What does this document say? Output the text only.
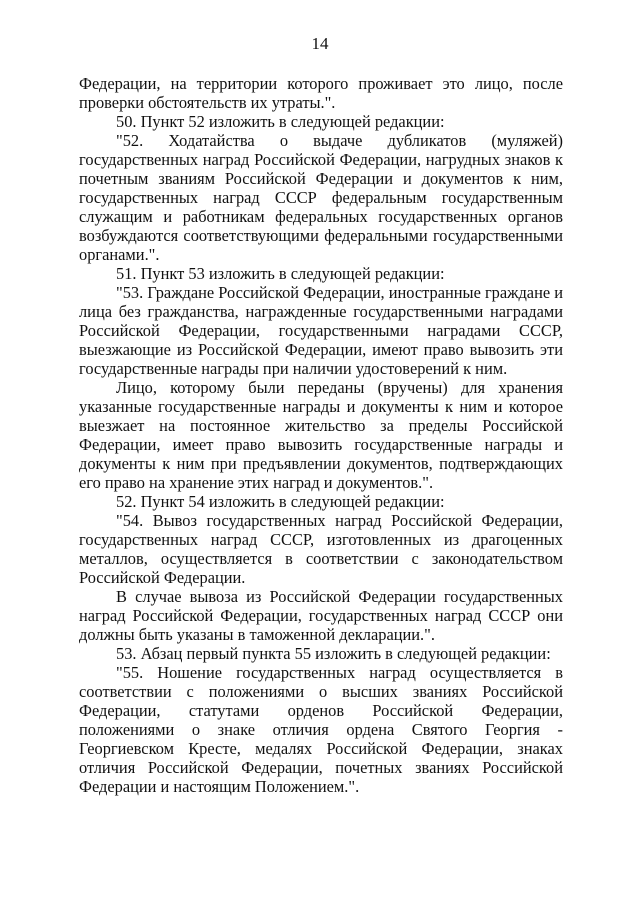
14

Федерации, на территории которого проживает это лицо, после проверки обстоятельств их утраты.".

50. Пункт 52 изложить в следующей редакции:

"52. Ходатайства о выдаче дубликатов (муляжей) государственных наград Российской Федерации, нагрудных знаков к почетным званиям Российской Федерации и документов к ним, государственных наград СССР федеральным государственным служащим и работникам федеральных государственных органов возбуждаются соответствующими федеральными государственными органами.".

51. Пункт 53 изложить в следующей редакции:

"53. Граждане Российской Федерации, иностранные граждане и лица без гражданства, награжденные государственными наградами Российской Федерации, государственными наградами СССР, выезжающие из Российской Федерации, имеют право вывозить эти государственные награды при наличии удостоверений к ним.

Лицо, которому были переданы (вручены) для хранения указанные государственные награды и документы к ним и которое выезжает на постоянное жительство за пределы Российской Федерации, имеет право вывозить государственные награды и документы к ним при предъявлении документов, подтверждающих его право на хранение этих наград и документов.".

52. Пункт 54 изложить в следующей редакции:

"54. Вывоз государственных наград Российской Федерации, государственных наград СССР, изготовленных из драгоценных металлов, осуществляется в соответствии с законодательством Российской Федерации.

В случае вывоза из Российской Федерации государственных наград Российской Федерации, государственных наград СССР они должны быть указаны в таможенной декларации.".

53. Абзац первый пункта 55 изложить в следующей редакции:

"55. Ношение государственных наград осуществляется в соответствии с положениями о высших званиях Российской Федерации, статутами орденов Российской Федерации, положениями о знаке отличия ордена Святого Георгия - Георгиевском Кресте, медалях Российской Федерации, знаках отличия Российской Федерации, почетных званиях Российской Федерации и настоящим Положением.".
